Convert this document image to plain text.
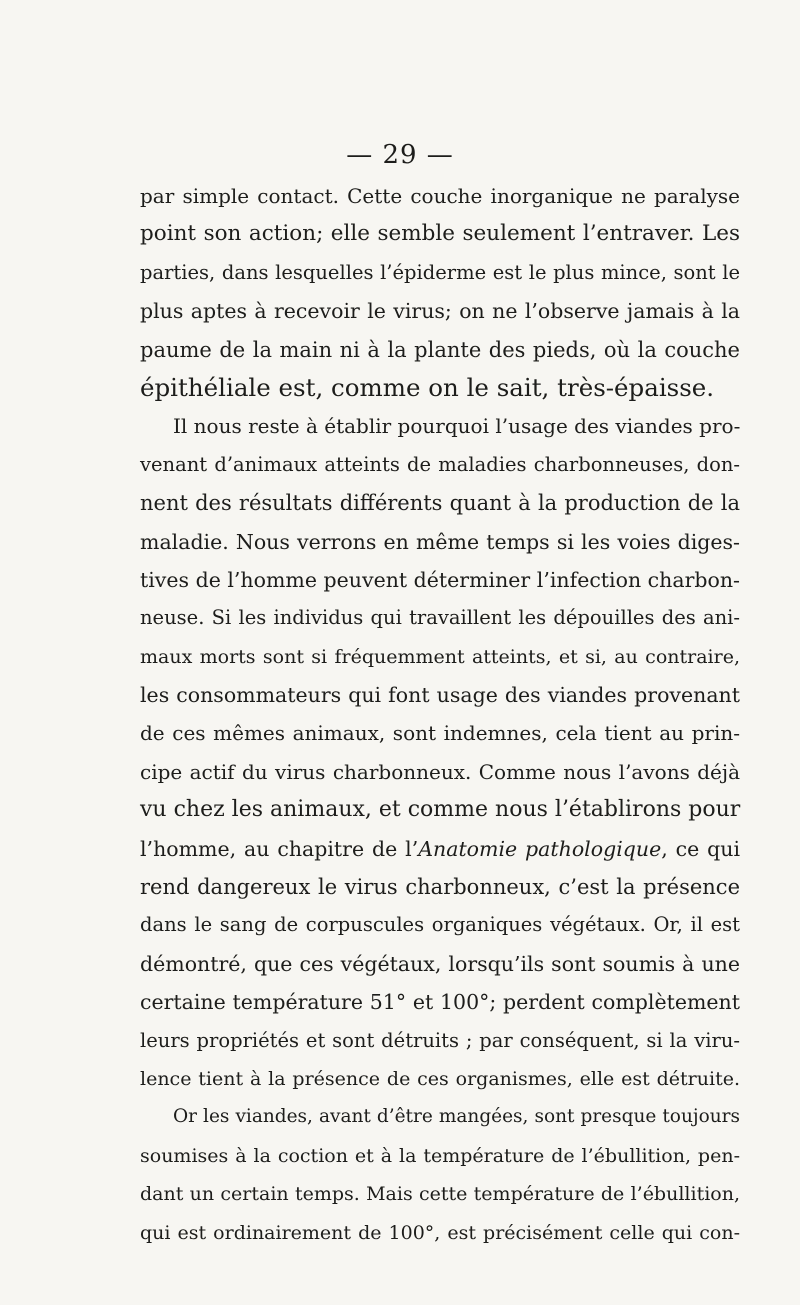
— 29 —
par simple contact. Cette couche inorganique ne paralyse
point son action; elle semble seulement l’entraver. Les
parties, dans lesquelles l’épiderme est le plus mince, sont le
plus aptes à recevoir le virus; on ne l’observe jamais à la
paume de la main ni à la plante des pieds, où la couche
épithéliale est, comme on le sait, très-épaisse.
Il nous reste à établir pourquoi l’usage des viandes pro-
venant d’animaux atteints de maladies charbonneuses, don-
nent des résultats différents quant à la production de la
maladie. Nous verrons en même temps si les voies diges-
tives de l’homme peuvent déterminer l’infection charbon-
neuse. Si les individus qui travaillent les dépouilles des ani-
maux morts sont si fréquemment atteints, et si, au contraire,
les consommateurs qui font usage des viandes provenant
de ces mêmes animaux, sont indemnes, cela tient au prin-
cipe actif du virus charbonneux. Comme nous l’avons déjà
vu chez les animaux, et comme nous l’établirons pour
l’homme, au chapitre de l’Anatomie pathologique, ce qui
rend dangereux le virus charbonneux, c’est la présence
dans le sang de corpuscules organiques végétaux. Or, il est
démontré, que ces végétaux, lorsqu’ils sont soumis à une
certaine température 51° et 100°; perdent complètement
leurs propriétés et sont détruits ; par conséquent, si la viru-
lence tient à la présence de ces organismes, elle est détruite.
Or les viandes, avant d’être mangées, sont presque toujours
soumises à la coction et à la température de l’ébullition, pen-
dant un certain temps. Mais cette température de l’ébullition,
qui est ordinairement de 100°, est précisément celle qui con-
